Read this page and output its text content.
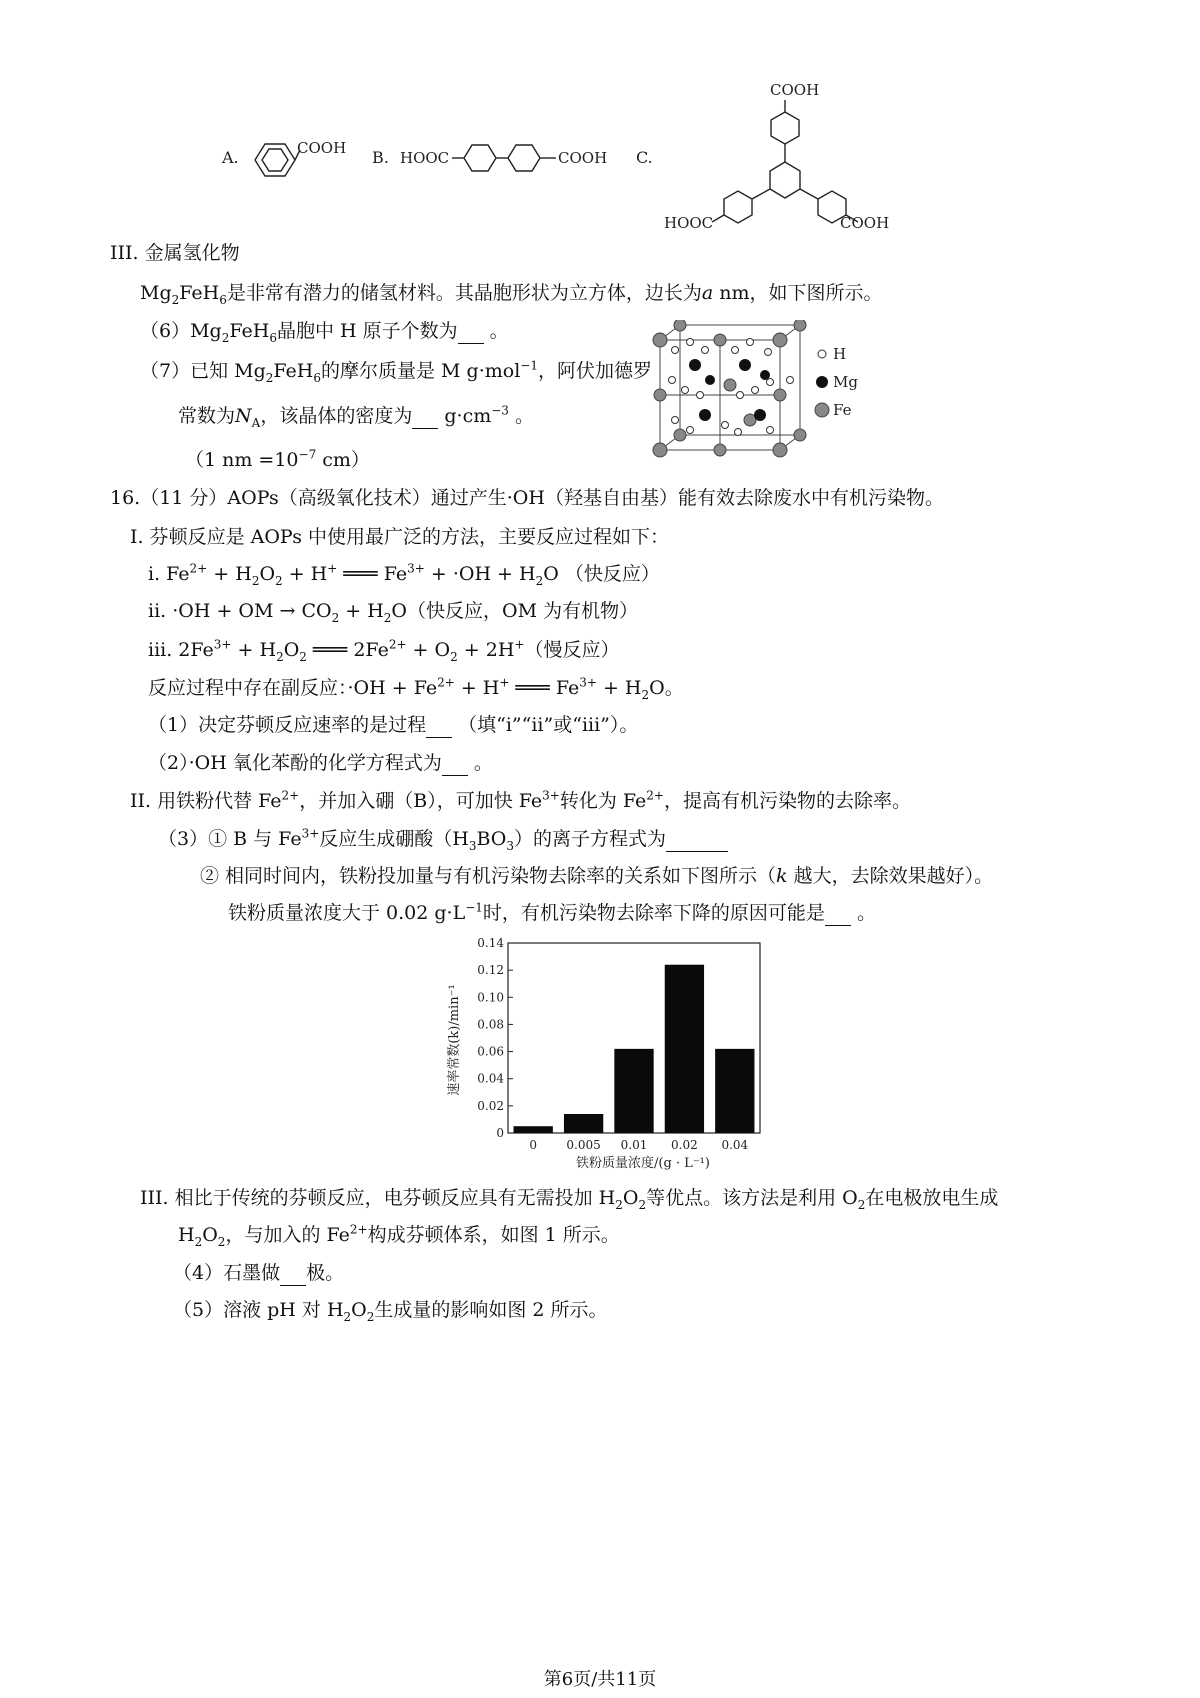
A.	COOH B. HOOC	COOH C.
COOH
HOOC	COOH
III. 金属氢化物
$Mg_2FeH_6$是非常有潜力的储氢材料。其晶胞形状为立方体，边长为a nm，如下图所示。
$(6)Mg_2FeH_6$晶胞中 H 原子个数为 。
（7）已知 $Mg_2FeH_6$的摩尔质量是 M g·mol$^{-1}$，阿伏加德罗
常数为$N_A$，该晶体的密度为 $g\cdot cm^{-3}$ 。
（1 nm $=10^{-7}$ cm）
H
Mg
Fe
16.（11 分）AOPs（高级氧化技术）通过产生·OH（羟基自由基）能有效去除废水中有机污染物。
I. 芬顿反应是 AOPs 中使用最广泛的方法，主要反应过程如下：
i. $Fe^{2+} + H_2O_2 + H^+$ ═══ $Fe^{3+} + \cdot OH + H_2O$ （快反应）
ii. ·OH + OM → $CO_2 + H_2O$（快反应，OM 为有机物）
iii. $2Fe^{3+} + H_2O_2$ ═══ $2Fe^{2+} + O_2 + 2H^+$（慢反应）
反应过程中存在副反应：$\cdot OH + Fe^{2+} + H^+$ ═══ $Fe^{3+} + H_2O$。
（1）决定芬顿反应速率的是过程 （填“i”“ii”或“iii”）。
（2）·OH 氧化苯酚的化学方程式为 。
II. 用铁粉代替 $Fe^{2+}$，并加入硼（B），可加快 $Fe^{3+}$转化为 $Fe^{2+}$，提高有机污染物的去除率。
（3）① B 与 $Fe^{3+}$反应生成硼酸$(H_3BO_3)$的离子方程式为
② 相同时间内，铁粉投加量与有机污染物去除率的关系如下图所示（k 越大，去除效果越好）。
铁粉质量浓度大于 0.02 $g\cdot L^{-1}$时，有机污染物去除率下降的原因可能是 。
速率常数(k)/min⁻¹
铁粉质量浓度/(g · L⁻¹)
0
0.02
0.04
0.06
0.08
0.10
0.12
0.14
0 0.005 0.01 0.02 0.04
III. 相比于传统的芬顿反应，电芬顿反应具有无需投加 $H_2O_2$等优点。该方法是利用 $O_2$在电极放电生成
$H_2O_2$，与加入的 $Fe^{2+}$构成芬顿体系，如图 1 所示。
（4）石墨做 极。
（5）溶液 pH 对 $H_2O_2$生成量的影响如图 2 所示。
第6页/共11页
